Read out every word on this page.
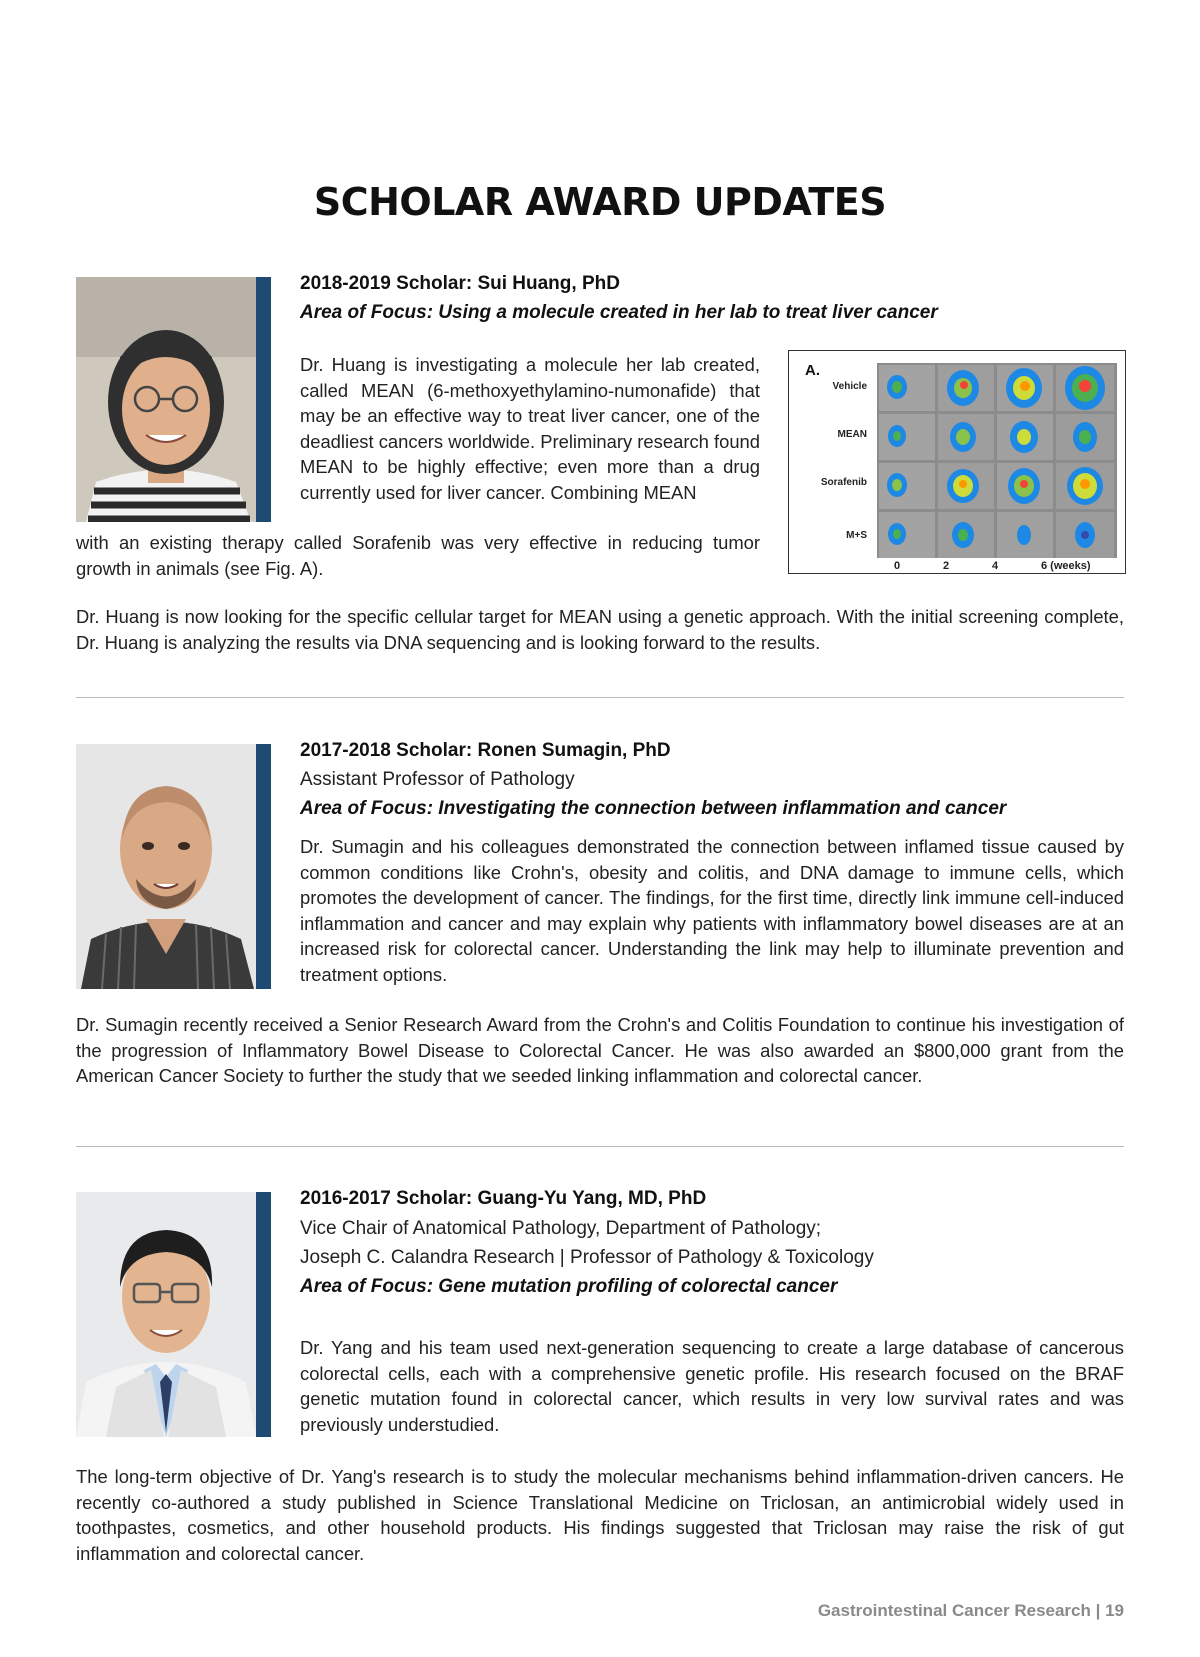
SCHOLAR AWARD UPDATES
2018-2019 Scholar: Sui Huang, PhD
Area of Focus: Using a molecule created in her lab to treat liver cancer
Dr. Huang is investigating a molecule her lab created, called MEAN (6-methoxyethylamino-numonafide) that may be an effective way to treat liver cancer, one of the deadliest cancers worldwide. Preliminary research found MEAN to be highly effective; even more than a drug currently used for liver cancer. Combining MEAN
with an existing therapy called Sorafenib was very effective in reducing tumor growth in animals (see Fig. A).
A.
Vehicle
MEAN
Sorafenib
M+S
0	2	4	6 (weeks)
Dr. Huang is now looking for the specific cellular target for MEAN using a genetic approach. With the initial screening complete, Dr. Huang is analyzing the results via DNA sequencing and is looking forward to the results.
2017-2018 Scholar: Ronen Sumagin, PhD
Assistant Professor of Pathology
Area of Focus: Investigating the connection between inflammation and cancer
Dr. Sumagin and his colleagues demonstrated the connection between inflamed tissue caused by common conditions like Crohn's, obesity and colitis, and DNA damage to immune cells, which promotes the development of cancer. The findings, for the first time, directly link immune cell-induced inflammation and cancer and may explain why patients with inflammatory bowel diseases are at an increased risk for colorectal cancer. Understanding the link may help to illuminate prevention and treatment options.
Dr. Sumagin recently received a Senior Research Award from the Crohn's and Colitis Foundation to continue his investigation of the progression of Inflammatory Bowel Disease to Colorectal Cancer. He was also awarded an $800,000 grant from the American Cancer Society to further the study that we seeded linking inflammation and colorectal cancer.
2016-2017 Scholar: Guang-Yu Yang, MD, PhD
Vice Chair of Anatomical Pathology, Department of Pathology;
Joseph C. Calandra Research | Professor of Pathology & Toxicology
Area of Focus: Gene mutation profiling of colorectal cancer
Dr. Yang and his team used next-generation sequencing to create a large database of cancerous colorectal cells, each with a comprehensive genetic profile. His research focused on the BRAF genetic mutation found in colorectal cancer, which results in very low survival rates and was previously understudied.
The long-term objective of Dr. Yang's research is to study the molecular mechanisms behind inflammation-driven cancers. He recently co-authored a study published in Science Translational Medicine on Triclosan, an antimicrobial widely used in toothpastes, cosmetics, and other household products. His findings suggested that Triclosan may raise the risk of gut inflammation and colorectal cancer.
Gastrointestinal Cancer Research | 19
